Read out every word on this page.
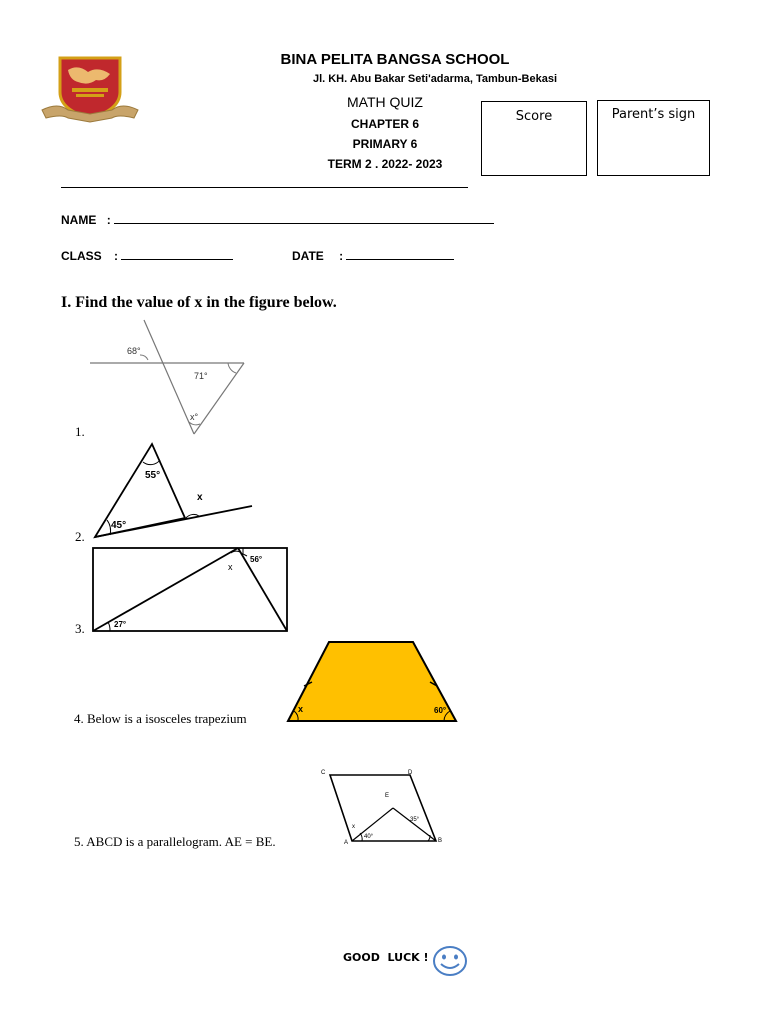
BINA PELITA BANGSA SCHOOL
Jl. KH. Abu Bakar Seti'adarma, Tambun-Bekasi
MATH QUIZ
CHAPTER 6
PRIMARY 6
TERM 2 . 2022- 2023
Score	Parent’s sign
NAME :
CLASS :	DATE :
I. Find the value of x in the figure below.
68°
71°
x°
1.
55°
x
45°
2.
56°
x
27°
3.
4. Below is a isosceles trapezium
x	60°
5. ABCD is a parallelogram. AE = BE.
C	D
E
35°
x
40°
A	B
GOOD  LUCK !
